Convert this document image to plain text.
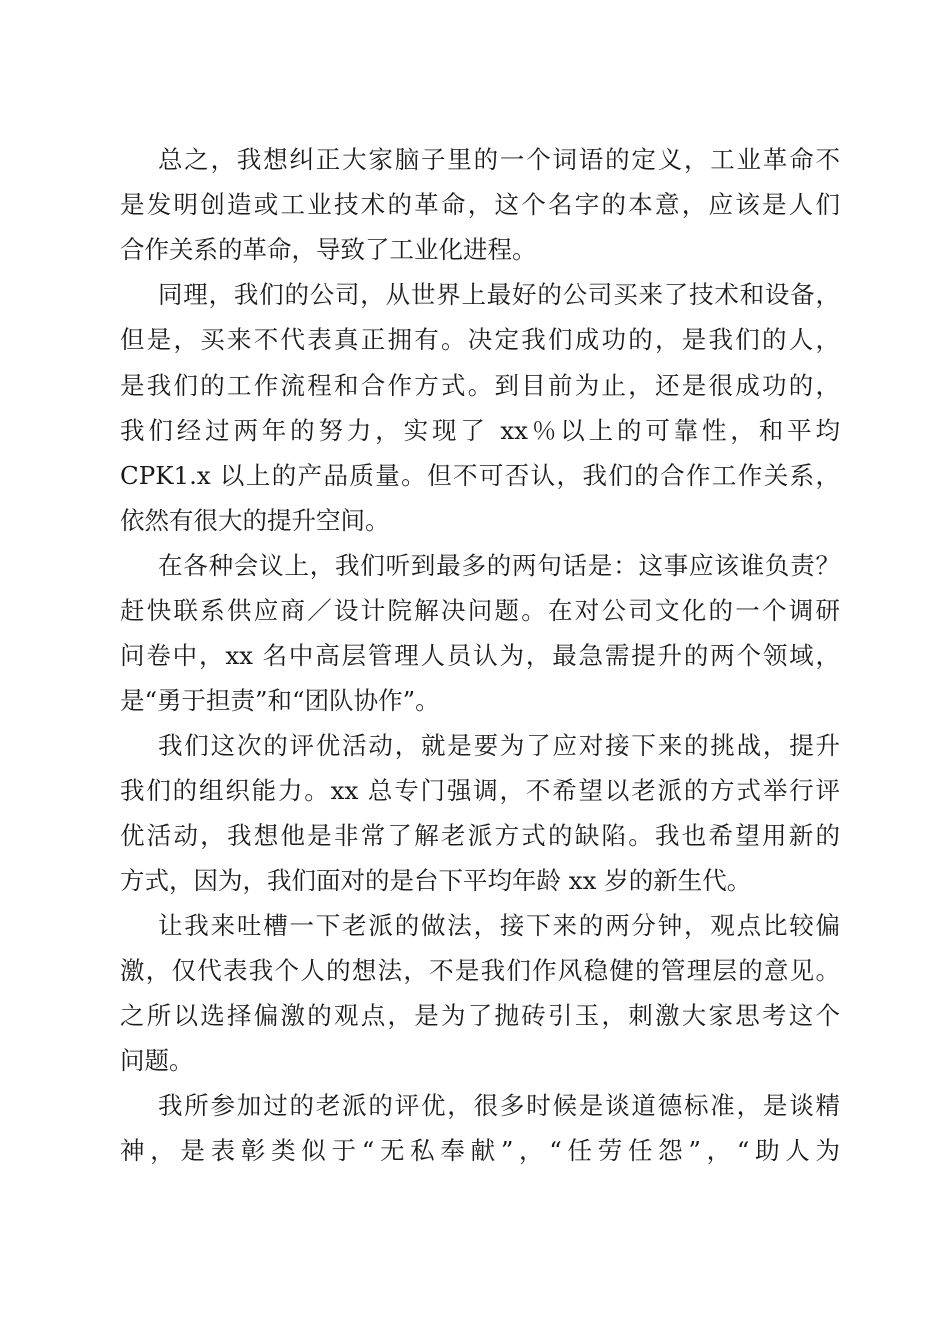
总之，我想纠正大家脑子里的一个词语的定义，工业革命不
是发明创造或工业技术的革命，这个名字的本意，应该是人们
合作关系的革命，导致了工业化进程。
同理，我们的公司，从世界上最好的公司买来了技术和设备，
但是，买来不代表真正拥有。决定我们成功的，是我们的人，
是我们的工作流程和合作方式。到目前为止，还是很成功的，
我们经过两年的努力，实现了 xx％以上的可靠性，和平均
CPK1.x 以上的产品质量。但不可否认，我们的合作工作关系，
依然有很大的提升空间。
在各种会议上，我们听到最多的两句话是：这事应该谁负责？
赶快联系供应商／设计院解决问题。在对公司文化的一个调研
问卷中，xx 名中高层管理人员认为，最急需提升的两个领域，
是“勇于担责”和“团队协作”。
我们这次的评优活动，就是要为了应对接下来的挑战，提升
我们的组织能力。xx 总专门强调，不希望以老派的方式举行评
优活动，我想他是非常了解老派方式的缺陷。我也希望用新的
方式，因为，我们面对的是台下平均年龄 xx 岁的新生代。
让我来吐槽一下老派的做法，接下来的两分钟，观点比较偏
激，仅代表我个人的想法，不是我们作风稳健的管理层的意见。
之所以选择偏激的观点，是为了抛砖引玉，刺激大家思考这个
问题。
我所参加过的老派的评优，很多时候是谈道德标准，是谈精
神，是表彰类似于“无私奉献”，“任劳任怨”，“助人为
